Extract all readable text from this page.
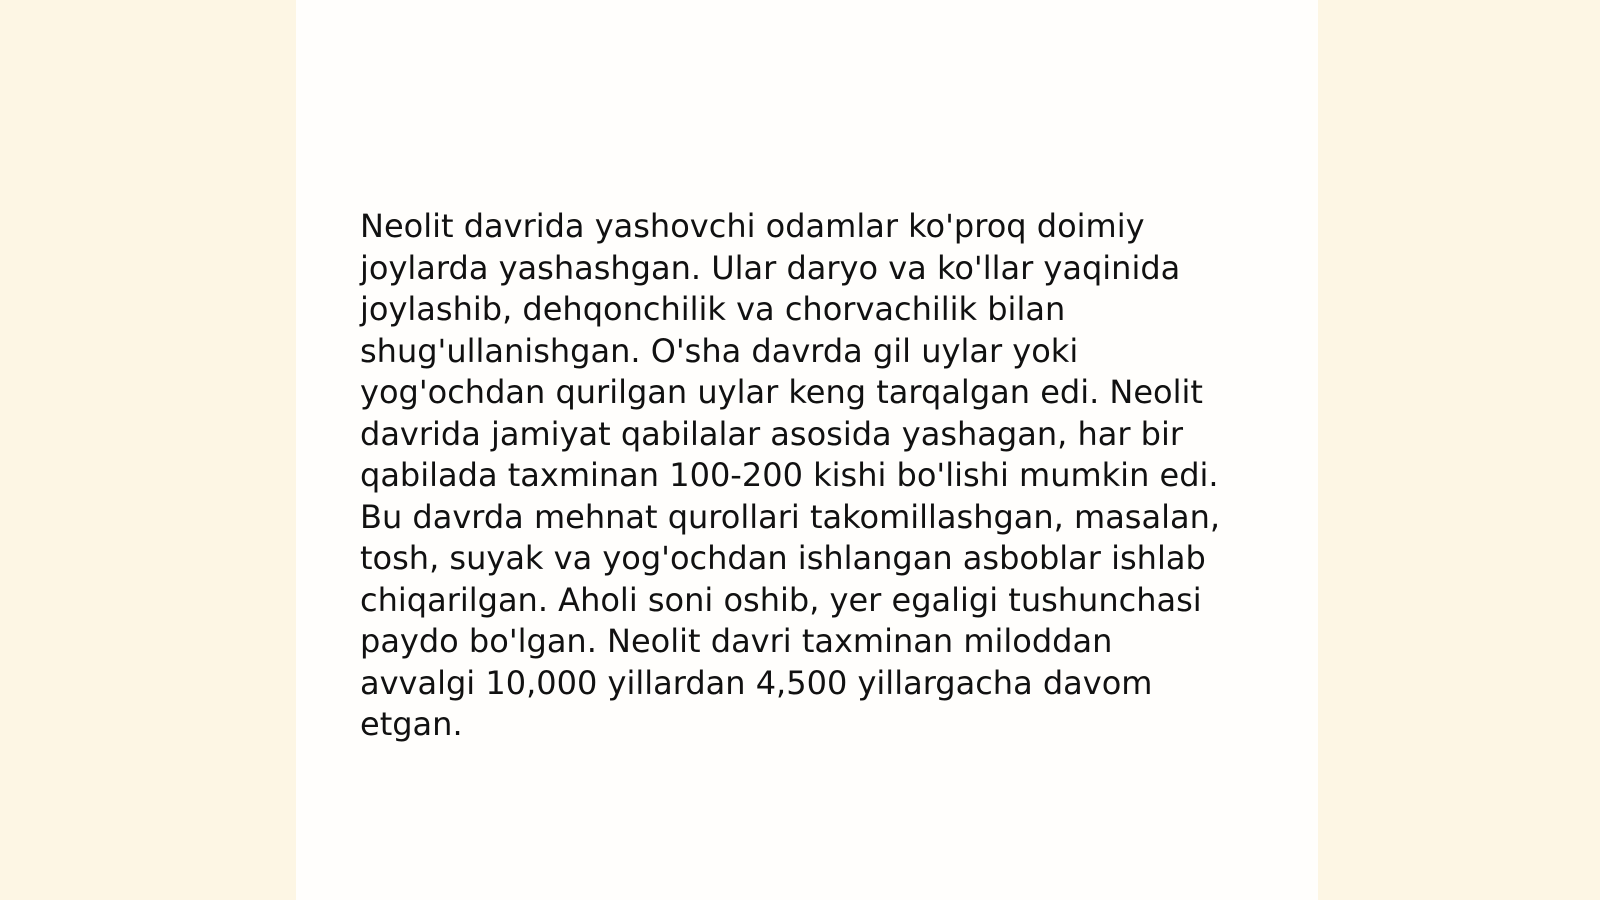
Neolit davrida yashovchi odamlar ko'proq doimiy
joylarda yashashgan. Ular daryo va ko'llar yaqinida
joylashib, dehqonchilik va chorvachilik bilan
shug'ullanishgan. O'sha davrda gil uylar yoki
yog'ochdan qurilgan uylar keng tarqalgan edi. Neolit
davrida jamiyat qabilalar asosida yashagan, har bir
qabilada taxminan 100-200 kishi bo'lishi mumkin edi.
Bu davrda mehnat qurollari takomillashgan, masalan,
tosh, suyak va yog'ochdan ishlangan asboblar ishlab
chiqarilgan. Aholi soni oshib, yer egaligi tushunchasi
paydo bo'lgan. Neolit davri taxminan miloddan
avvalgi 10,000 yillardan 4,500 yillargacha davom
etgan.
